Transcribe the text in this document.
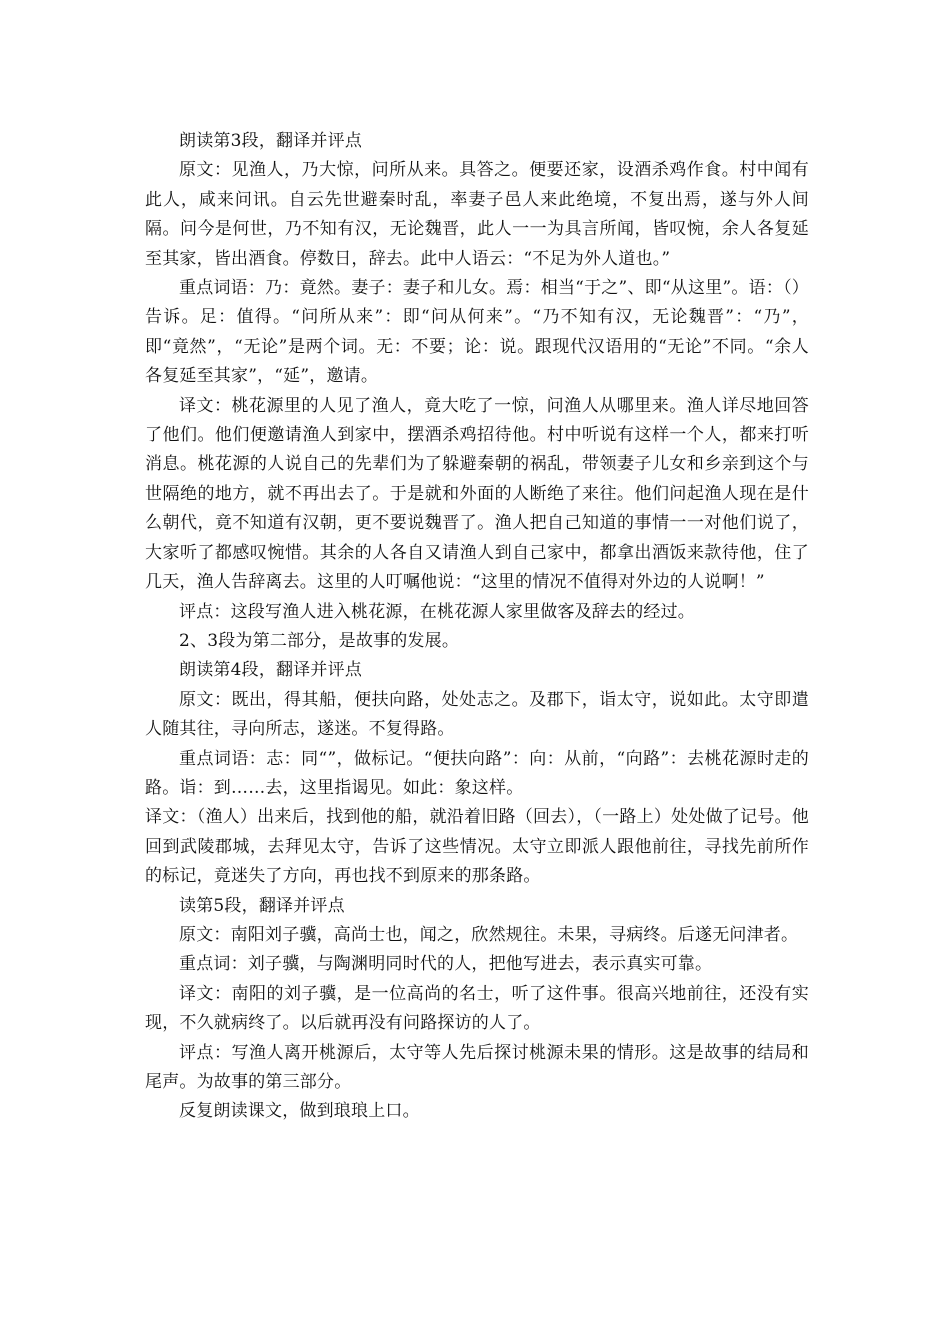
朗读第3段，翻译并评点

原文：见渔人，乃大惊，问所从来。具答之。便要还家，设酒杀鸡作食。村中闻有此人，咸来问讯。自云先世避秦时乱，率妻子邑人来此绝境，不复出焉，遂与外人间隔。问今是何世，乃不知有汉，无论魏晋，此人一一为具言所闻，皆叹惋，余人各复延至其家，皆出酒食。停数日，辞去。此中人语云：“不足为外人道也。”

重点词语：乃：竟然。妻子：妻子和儿女。焉：相当“于之”、即“从这里”。语：（）告诉。足：值得。“问所从来”：即“问从何来”。“乃不知有汉，无论魏晋”：“乃”，即“竟然”，“无论”是两个词。无：不要；论：说。跟现代汉语用的“无论”不同。“余人各复延至其家”，“延”，邀请。

译文：桃花源里的人见了渔人，竟大吃了一惊，问渔人从哪里来。渔人详尽地回答了他们。他们便邀请渔人到家中，摆酒杀鸡招待他。村中听说有这样一个人，都来打听消息。桃花源的人说自己的先辈们为了躲避秦朝的祸乱，带领妻子儿女和乡亲到这个与世隔绝的地方，就不再出去了。于是就和外面的人断绝了来往。他们问起渔人现在是什么朝代，竟不知道有汉朝，更不要说魏晋了。渔人把自己知道的事情一一对他们说了，大家听了都感叹惋惜。其余的人各自又请渔人到自己家中，都拿出酒饭来款待他，住了几天，渔人告辞离去。这里的人叮嘱他说：“这里的情况不值得对外边的人说啊！”

评点：这段写渔人进入桃花源，在桃花源人家里做客及辞去的经过。

2、3段为第二部分，是故事的发展。

朗读第4段，翻译并评点

原文：既出，得其船，便扶向路，处处志之。及郡下，诣太守，说如此。太守即遣人随其往，寻向所志，遂迷。不复得路。

重点词语：志：同“”，做标记。“便扶向路”：向：从前，“向路”：去桃花源时走的路。诣：到……去，这里指谒见。如此：象这样。

译文：（渔人）出来后，找到他的船，就沿着旧路（回去），（一路上）处处做了记号。他回到武陵郡城，去拜见太守，告诉了这些情况。太守立即派人跟他前往，寻找先前所作的标记，竟迷失了方向，再也找不到原来的那条路。

读第5段，翻译并评点

原文：南阳刘子骥，高尚士也，闻之，欣然规往。未果，寻病终。后遂无问津者。

重点词：刘子骥，与陶渊明同时代的人，把他写进去，表示真实可靠。

译文：南阳的刘子骥，是一位高尚的名士，听了这件事。很高兴地前往，还没有实现，不久就病终了。以后就再没有问路探访的人了。

评点：写渔人离开桃源后，太守等人先后探讨桃源未果的情形。这是故事的结局和尾声。为故事的第三部分。

反复朗读课文，做到琅琅上口。
